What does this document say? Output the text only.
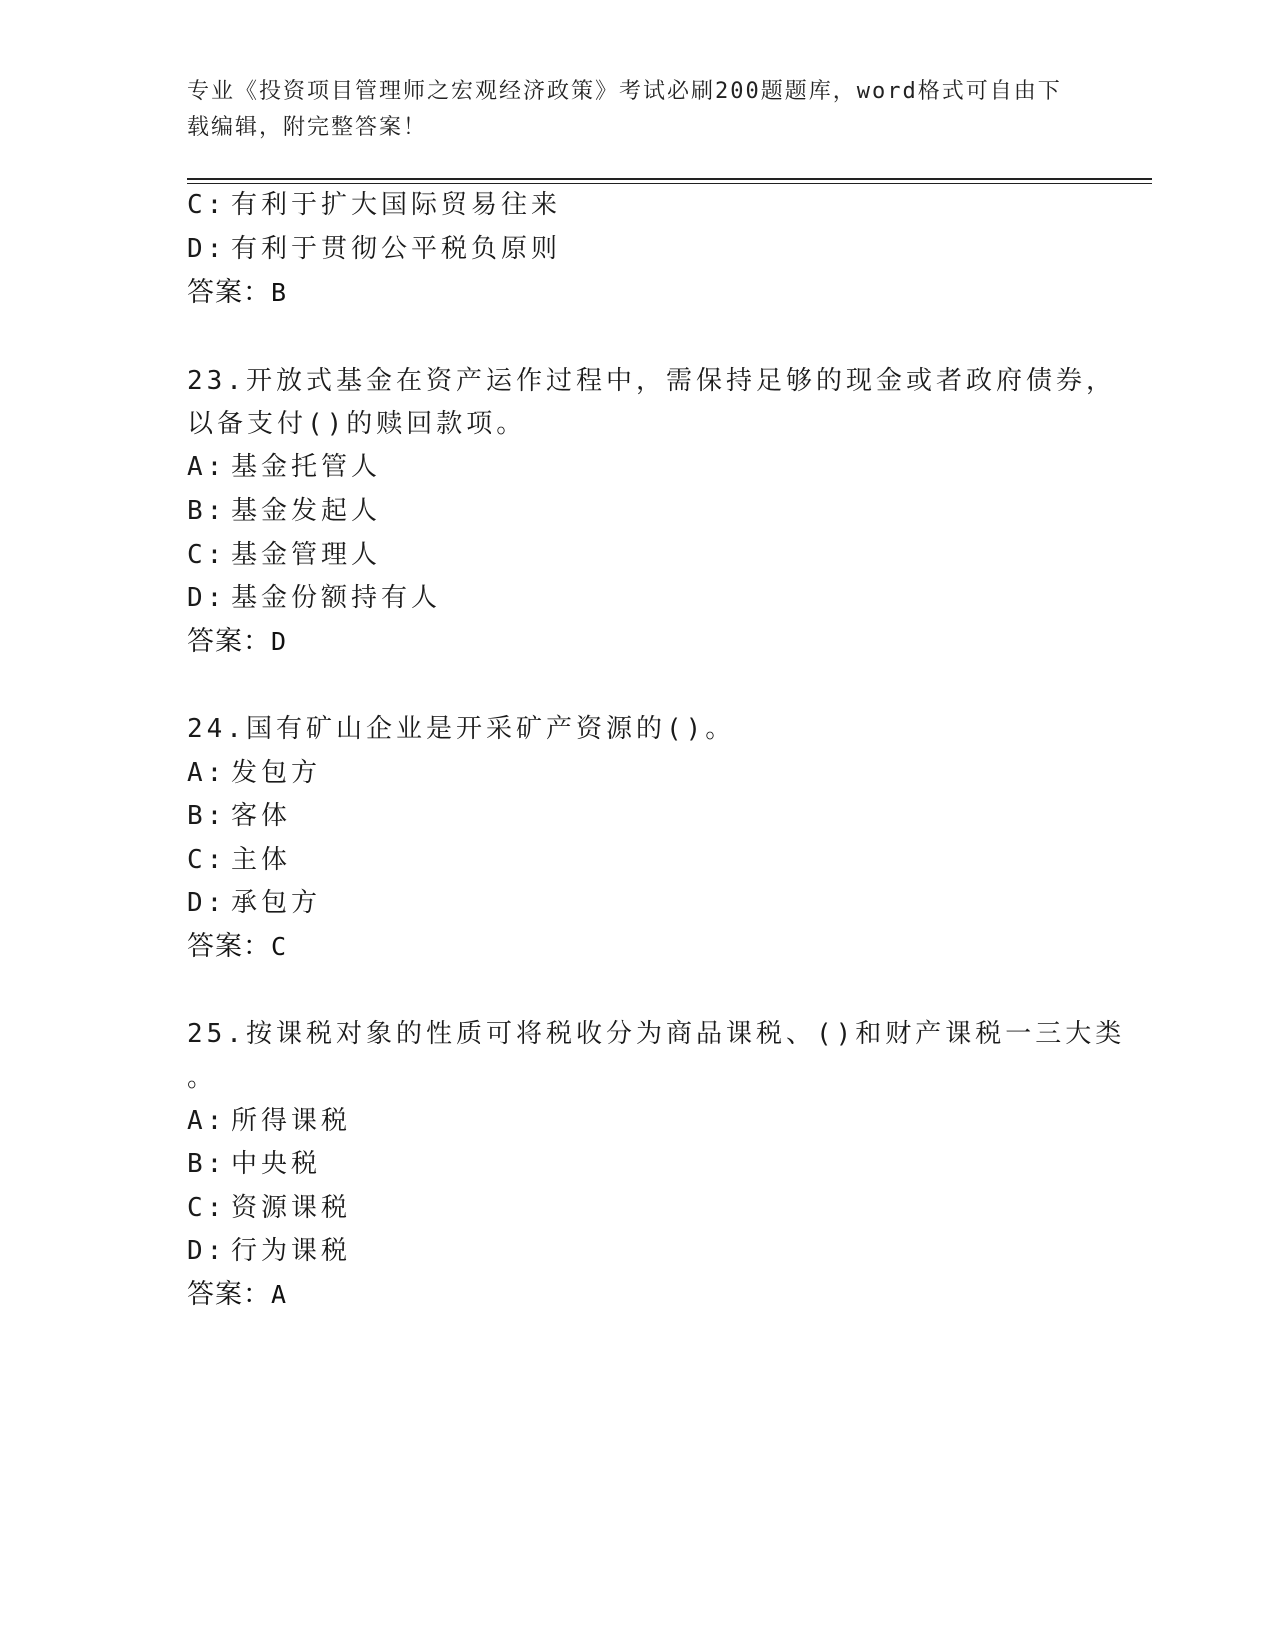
专业《投资项目管理师之宏观经济政策》考试必刷200题题库，word格式可自由下载编辑，附完整答案！
C: 有利于扩大国际贸易往来
D: 有利于贯彻公平税负原则
答案：B
23.开放式基金在资产运作过程中，需保持足够的现金或者政府债券，
以备支付()的赎回款项。
A: 基金托管人
B: 基金发起人
C: 基金管理人
D: 基金份额持有人
答案：D
24.国有矿山企业是开采矿产资源的()。
A: 发包方
B: 客体
C: 主体
D: 承包方
答案：C
25.按课税对象的性质可将税收分为商品课税、()和财产课税一三大类
。
A: 所得课税
B: 中央税
C: 资源课税
D: 行为课税
答案：A
